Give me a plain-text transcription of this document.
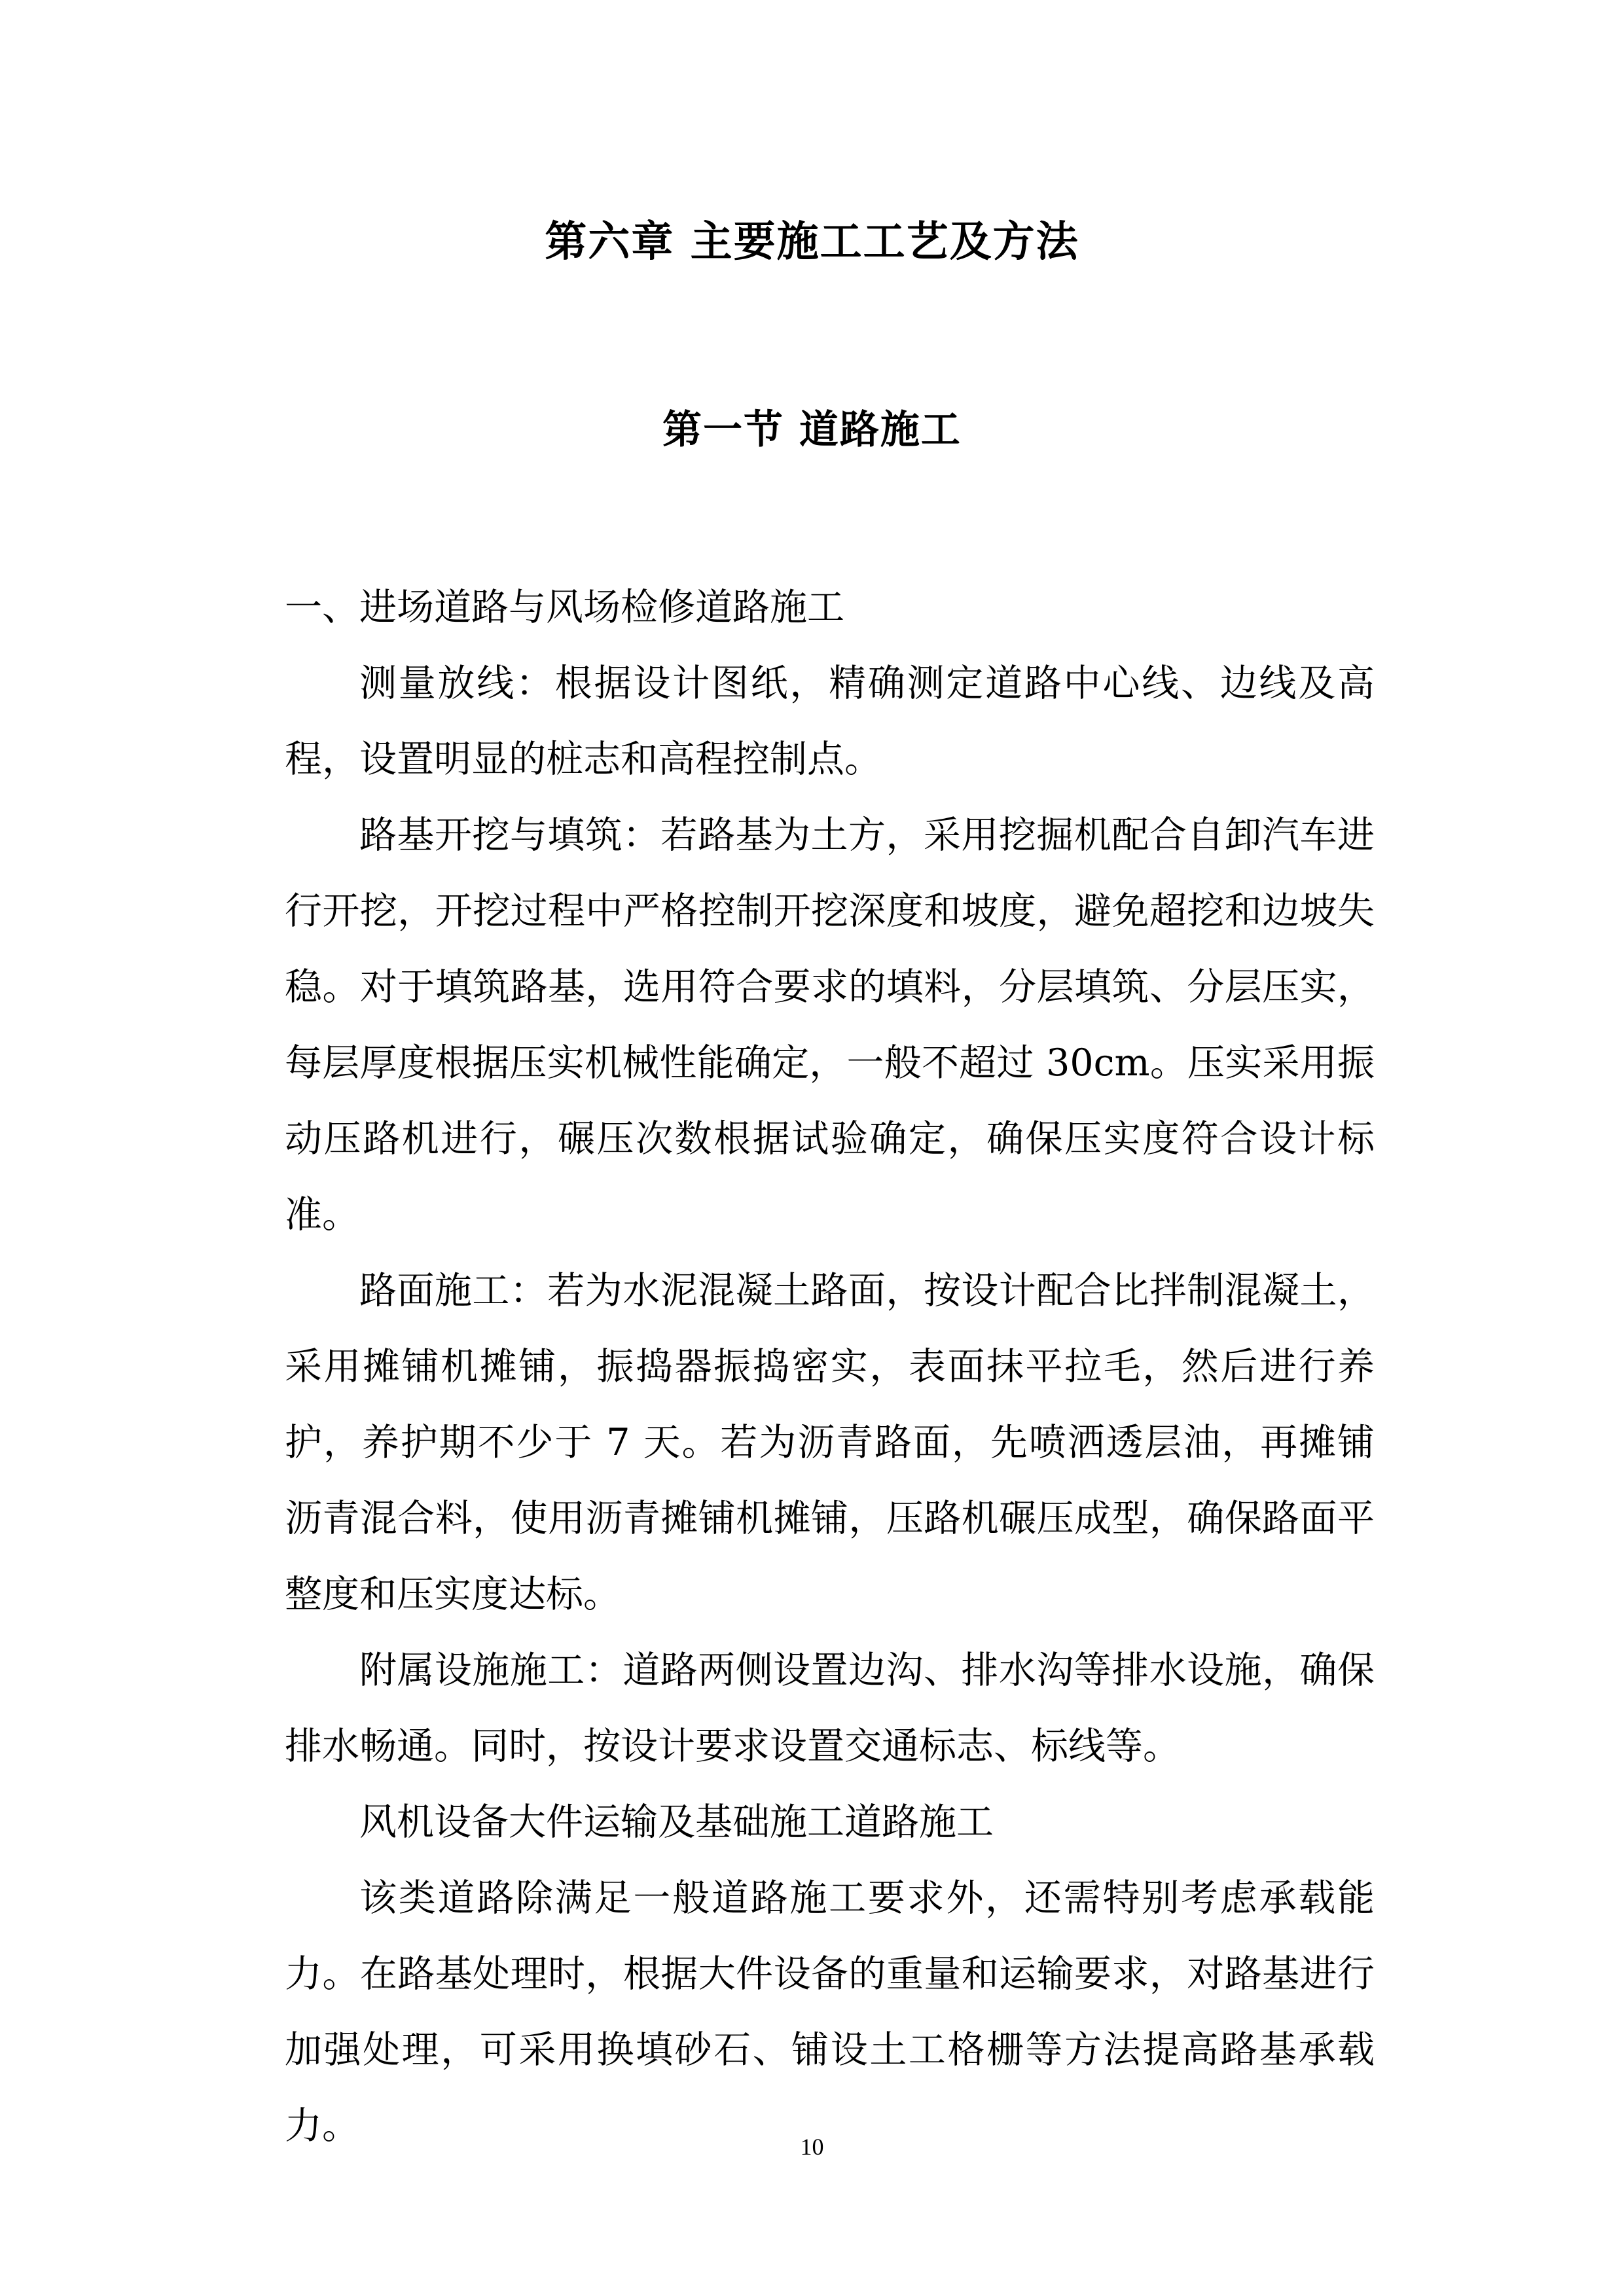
第六章 主要施工工艺及方法
第一节 道路施工

一、进场道路与风场检修道路施工

测量放线：根据设计图纸，精确测定道路中心线、边线及高程，设置明显的桩志和高程控制点。

路基开挖与填筑：若路基为土方，采用挖掘机配合自卸汽车进行开挖，开挖过程中严格控制开挖深度和坡度，避免超挖和边坡失稳。对于填筑路基，选用符合要求的填料，分层填筑、分层压实，每层厚度根据压实机械性能确定，一般不超过 30cm。压实采用振动压路机进行，碾压次数根据试验确定，确保压实度符合设计标准。

路面施工：若为水泥混凝土路面，按设计配合比拌制混凝土，采用摊铺机摊铺，振捣器振捣密实，表面抹平拉毛，然后进行养护，养护期不少于 7 天。若为沥青路面，先喷洒透层油，再摊铺沥青混合料，使用沥青摊铺机摊铺，压路机碾压成型，确保路面平整度和压实度达标。

附属设施施工：道路两侧设置边沟、排水沟等排水设施，确保排水畅通。同时，按设计要求设置交通标志、标线等。

风机设备大件运输及基础施工道路施工

该类道路除满足一般道路施工要求外，还需特别考虑承载能力。在路基处理时，根据大件设备的重量和运输要求，对路基进行加强处理，可采用换填砂石、铺设土工格栅等方法提高路基承载力。	10
